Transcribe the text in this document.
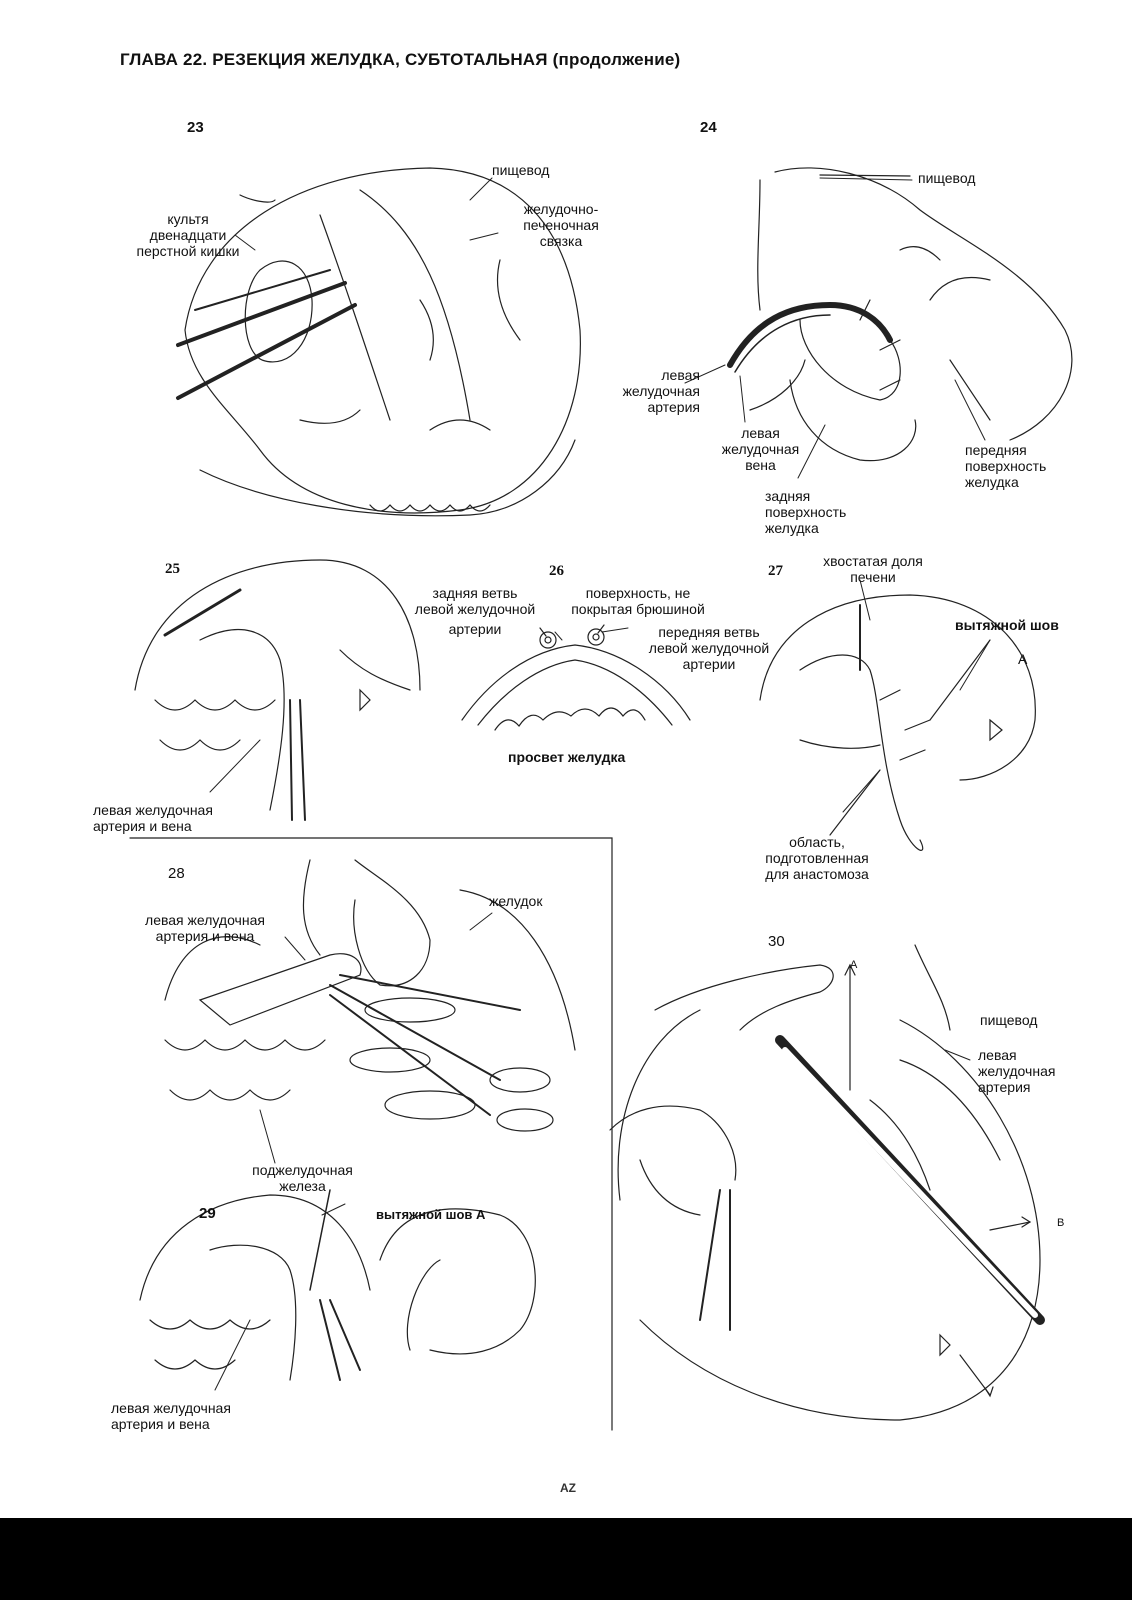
ГЛАВА 22. РЕЗЕКЦИЯ ЖЕЛУДКА, СУБТОТАЛЬНАЯ (продолжение)
23
пищевод
культя
двенадцати
перстной кишки
желудочно-
печеночная
связка
24
пищевод
левая
желудочная
артерия
левая
желудочная
вена
передняя
поверхность
желудка
задняя
поверхность
желудка
25
левая желудочная
артерия и вена
26
задняя ветвь
левой желудочной
артерии
поверхность, не
покрытая брюшиной
передняя ветвь
левой желудочной
артерии
просвет желудка
27
хвостатая доля
печени
вытяжной шов
А
область,
подготовленная
для анастомоза
28
левая желудочная
артерия и вена
желудок
поджелудочная
железа
29	вытяжной шов А
левая желудочная
артерия и вена
30
пищевод
левая
желудочная
артерия
А
В
AZ
